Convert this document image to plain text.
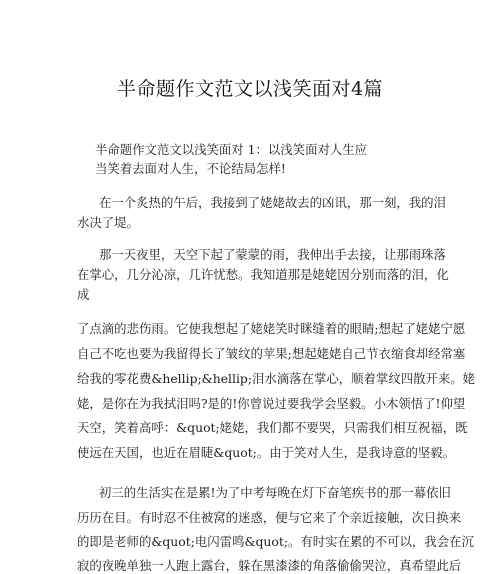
半命题作文范文以浅笑面对4篇
半命题作文范文以浅笑面对 1：以浅笑面对人生应
当笑着去面对人生，不论结局怎样!
在一个炙热的午后，我接到了姥姥故去的凶讯，那一刻，我的泪
水决了堤。
那一天夜里，天空下起了蒙蒙的雨，我伸出手去接，让那雨珠落
在掌心，几分沁凉，几许忧愁。我知道那是姥姥因分别而落的泪，化
成
了点滴的悲伤雨。它使我想起了姥姥笑时眯缝着的眼睛;想起了姥姥宁愿
自己不吃也要为我留得长了皱纹的苹果;想起姥姥自己节衣缩食却经常塞
给我的零花费&hellip;&hellip;泪水滴落在掌心，顺着掌纹四散开来。姥
姥，是你在为我拭泪吗?是的!你曾说过要我学会坚毅。小木领悟了!仰望
天空，笑着高呼：&quot;姥姥，我们都不要哭，只需我们相互祝福，既
使远在天国，也近在眉睫&quot;。由于笑对人生，是我诗意的坚毅。
初三的生活实在是累!为了中考每晚在灯下奋笔疾书的那一幕依旧
历历在目。有时忍不住被窝的迷惑，便与它来了个亲近接触，次日换来
的即是老师的&quot;电闪雷鸣&quot;。有时实在累的不可以，我会在沉
寂的夜晚单独一人跑上露台，躲在黑漆漆的角落偷偷哭泣，真希望此后
